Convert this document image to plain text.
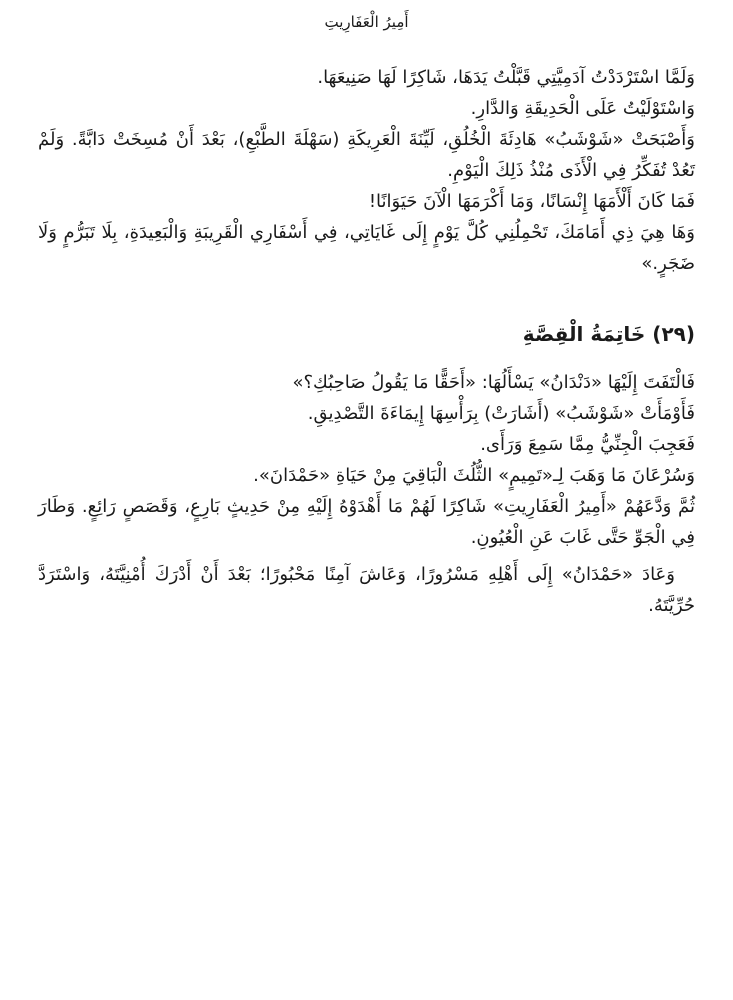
أَمِيرُ الْعَفَارِيتِ

وَلَمَّا اسْتَرْدَدْتُ آدَمِيَّتِي قَبَّلْتُ يَدَهَا، شَاكِرًا لَهَا صَنِيعَهَا.

وَاسْتَوْلَيْتُ عَلَى الْحَدِيقَةِ وَالدَّارِ.

وَأَصْبَحَتْ «شَوْشَبُ» هَادِئَةَ الْخُلُقِ، لَيِّنَةَ الْعَرِيكَةِ (سَهْلَةَ الطَّبْعِ)، بَعْدَ أَنْ مُسِخَتْ دَابَّةً. وَلَمْ تَعُدْ تُفَكِّرُ فِي الْأَذَى مُنْذُ ذَلِكَ الْيَوْمِ.

فَمَا كَانَ أَلْأَمَهَا إِنْسَانًا، وَمَا أَكْرَمَهَا الْآنَ حَيَوَانًا!

وَهَا هِيَ ذِي أَمَامَكَ، تَحْمِلُنِي كُلَّ يَوْمٍ إِلَى غَايَاتِي، فِي أَسْفَارِي الْقَرِيبَةِ وَالْبَعِيدَةِ، بِلَا تَبَرُّمٍ وَلَا ضَجَرٍ.»

(٢٩) خَاتِمَةُ الْقِصَّةِ

فَالْتَفَتَ إِلَيْهَا «دَنْدَانُ» يَسْأَلُهَا: «أَحَقًّا مَا يَقُولُ صَاحِبُكِ؟»

فَأَوْمَأَتْ «شَوْشَبُ» (أَشَارَتْ) بِرَأْسِهَا إِيمَاءَةَ التَّصْدِيقِ.

فَعَجِبَ الْجِنِّيُّ مِمَّا سَمِعَ وَرَأَى.

وَسُرْعَانَ مَا وَهَبَ لِـ«تَمِيمٍ» الثُّلُثَ الْبَاقِيَ مِنْ حَيَاةِ «حَمْدَانَ».

ثُمَّ وَدَّعَهُمْ «أَمِيرُ الْعَفَارِيتِ» شَاكِرًا لَهُمْ مَا أَهْدَوْهُ إِلَيْهِ مِنْ حَدِيثٍ بَارِعٍ، وَقَصَصٍ رَائِعٍ. وَطَارَ فِي الْجَوِّ حَتَّى غَابَ عَنِ الْعُيُونِ.

وَعَادَ «حَمْدَانُ» إِلَى أَهْلِهِ مَسْرُورًا، وَعَاشَ آمِنًا مَحْبُورًا؛ بَعْدَ أَنْ أَدْرَكَ أُمْنِيَّتَهُ، وَاسْتَرَدَّ حُرِّيَّتَهُ.
